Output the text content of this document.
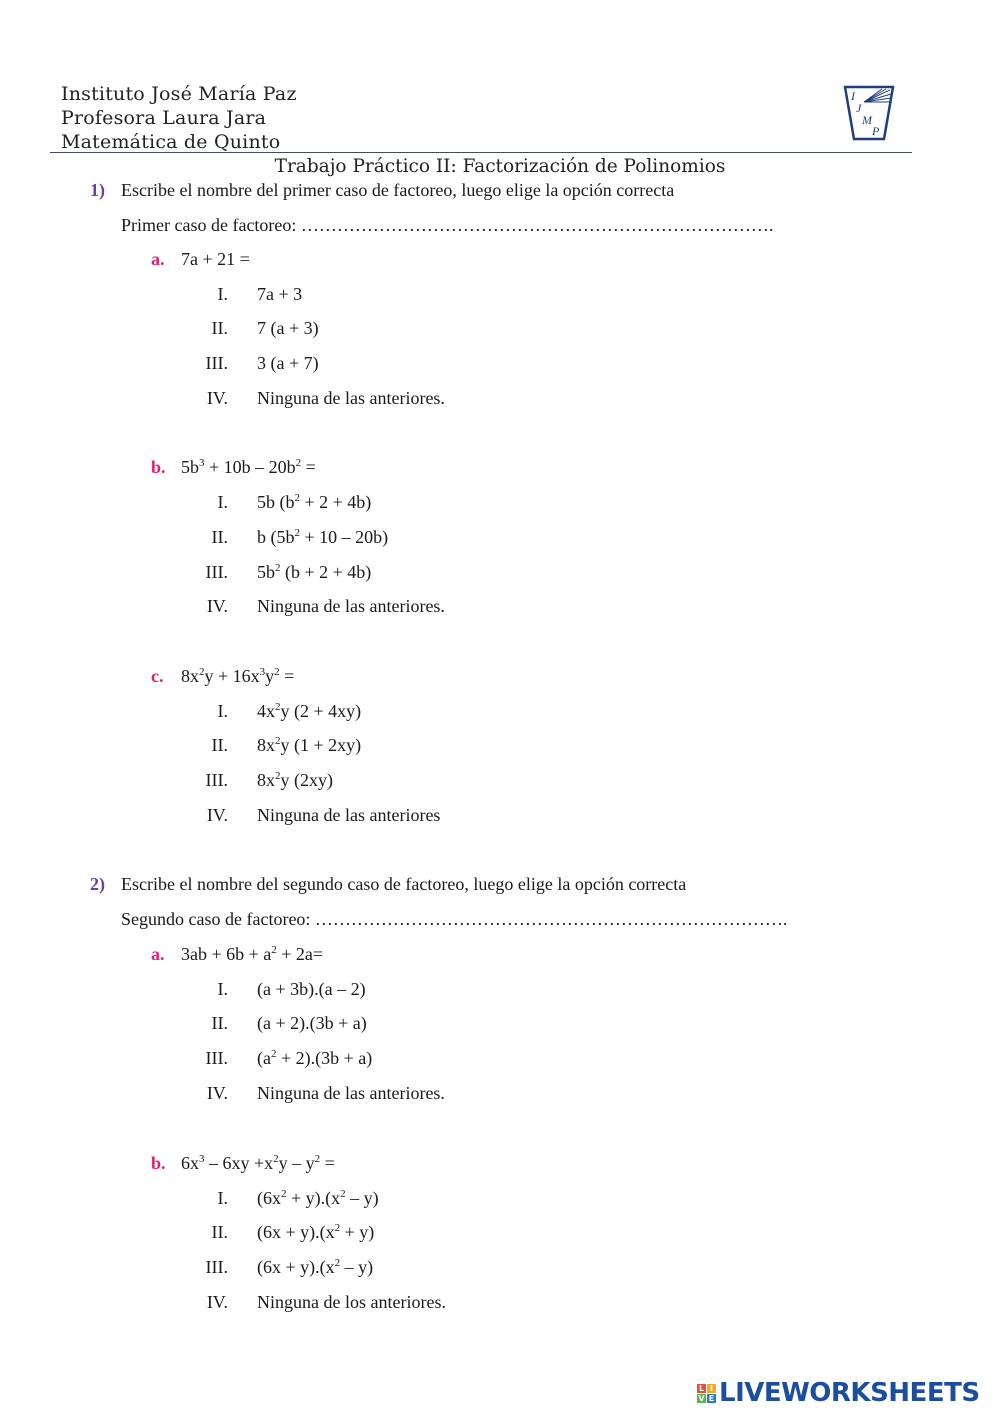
Instituto José María Paz
Profesora Laura Jara
Matemática de Quinto
I
J
M
P
Trabajo Práctico II: Factorización de Polinomios
1) Escribe el nombre del primer caso de factoreo, luego elige la opción correcta
Primer caso de factoreo: …………………………………………………………………….
a. 7a + 21 =
I. 7a + 3
II. 7 (a + 3)
III. 3 (a + 7)
IV. Ninguna de las anteriores.
b. $5b^3 + 10b - 20b^2$ =
I. 5b $(b^2 + 2 + 4b)$
II. b $(5b^2 + 10 - 20b)$
III. $5b^2$ (b + 2 + 4b)
IV. Ninguna de las anteriores.
c. $8x^2y + 16x^3y^2$ =
I. $4x^2y$ (2 + 4xy)
II. $8x^2y$ (1 + 2xy)
III. $8x^2y$ (2xy)
IV. Ninguna de las anteriores
2) Escribe el nombre del segundo caso de factoreo, luego elige la opción correcta
Segundo caso de factoreo: …………………………………………………………………….
a. $3ab + 6b + a^2 + 2a=$
I. (a + 3b).(a – 2)
II. (a + 2).(3b + a)
III. $(a^2 + 2).(3b + a)$
IV. Ninguna de las anteriores.
b. $6x^3 - 6xy +x^2y - y^2$ =
I. $(6x^2 + y).(x^2 - y)$
II. $(6x + y).(x^2 + y)$
III. $(6x + y).(x^2 - y)$
IV. Ninguna de los anteriores.
L I
V E LIVEWORKSHEETS
